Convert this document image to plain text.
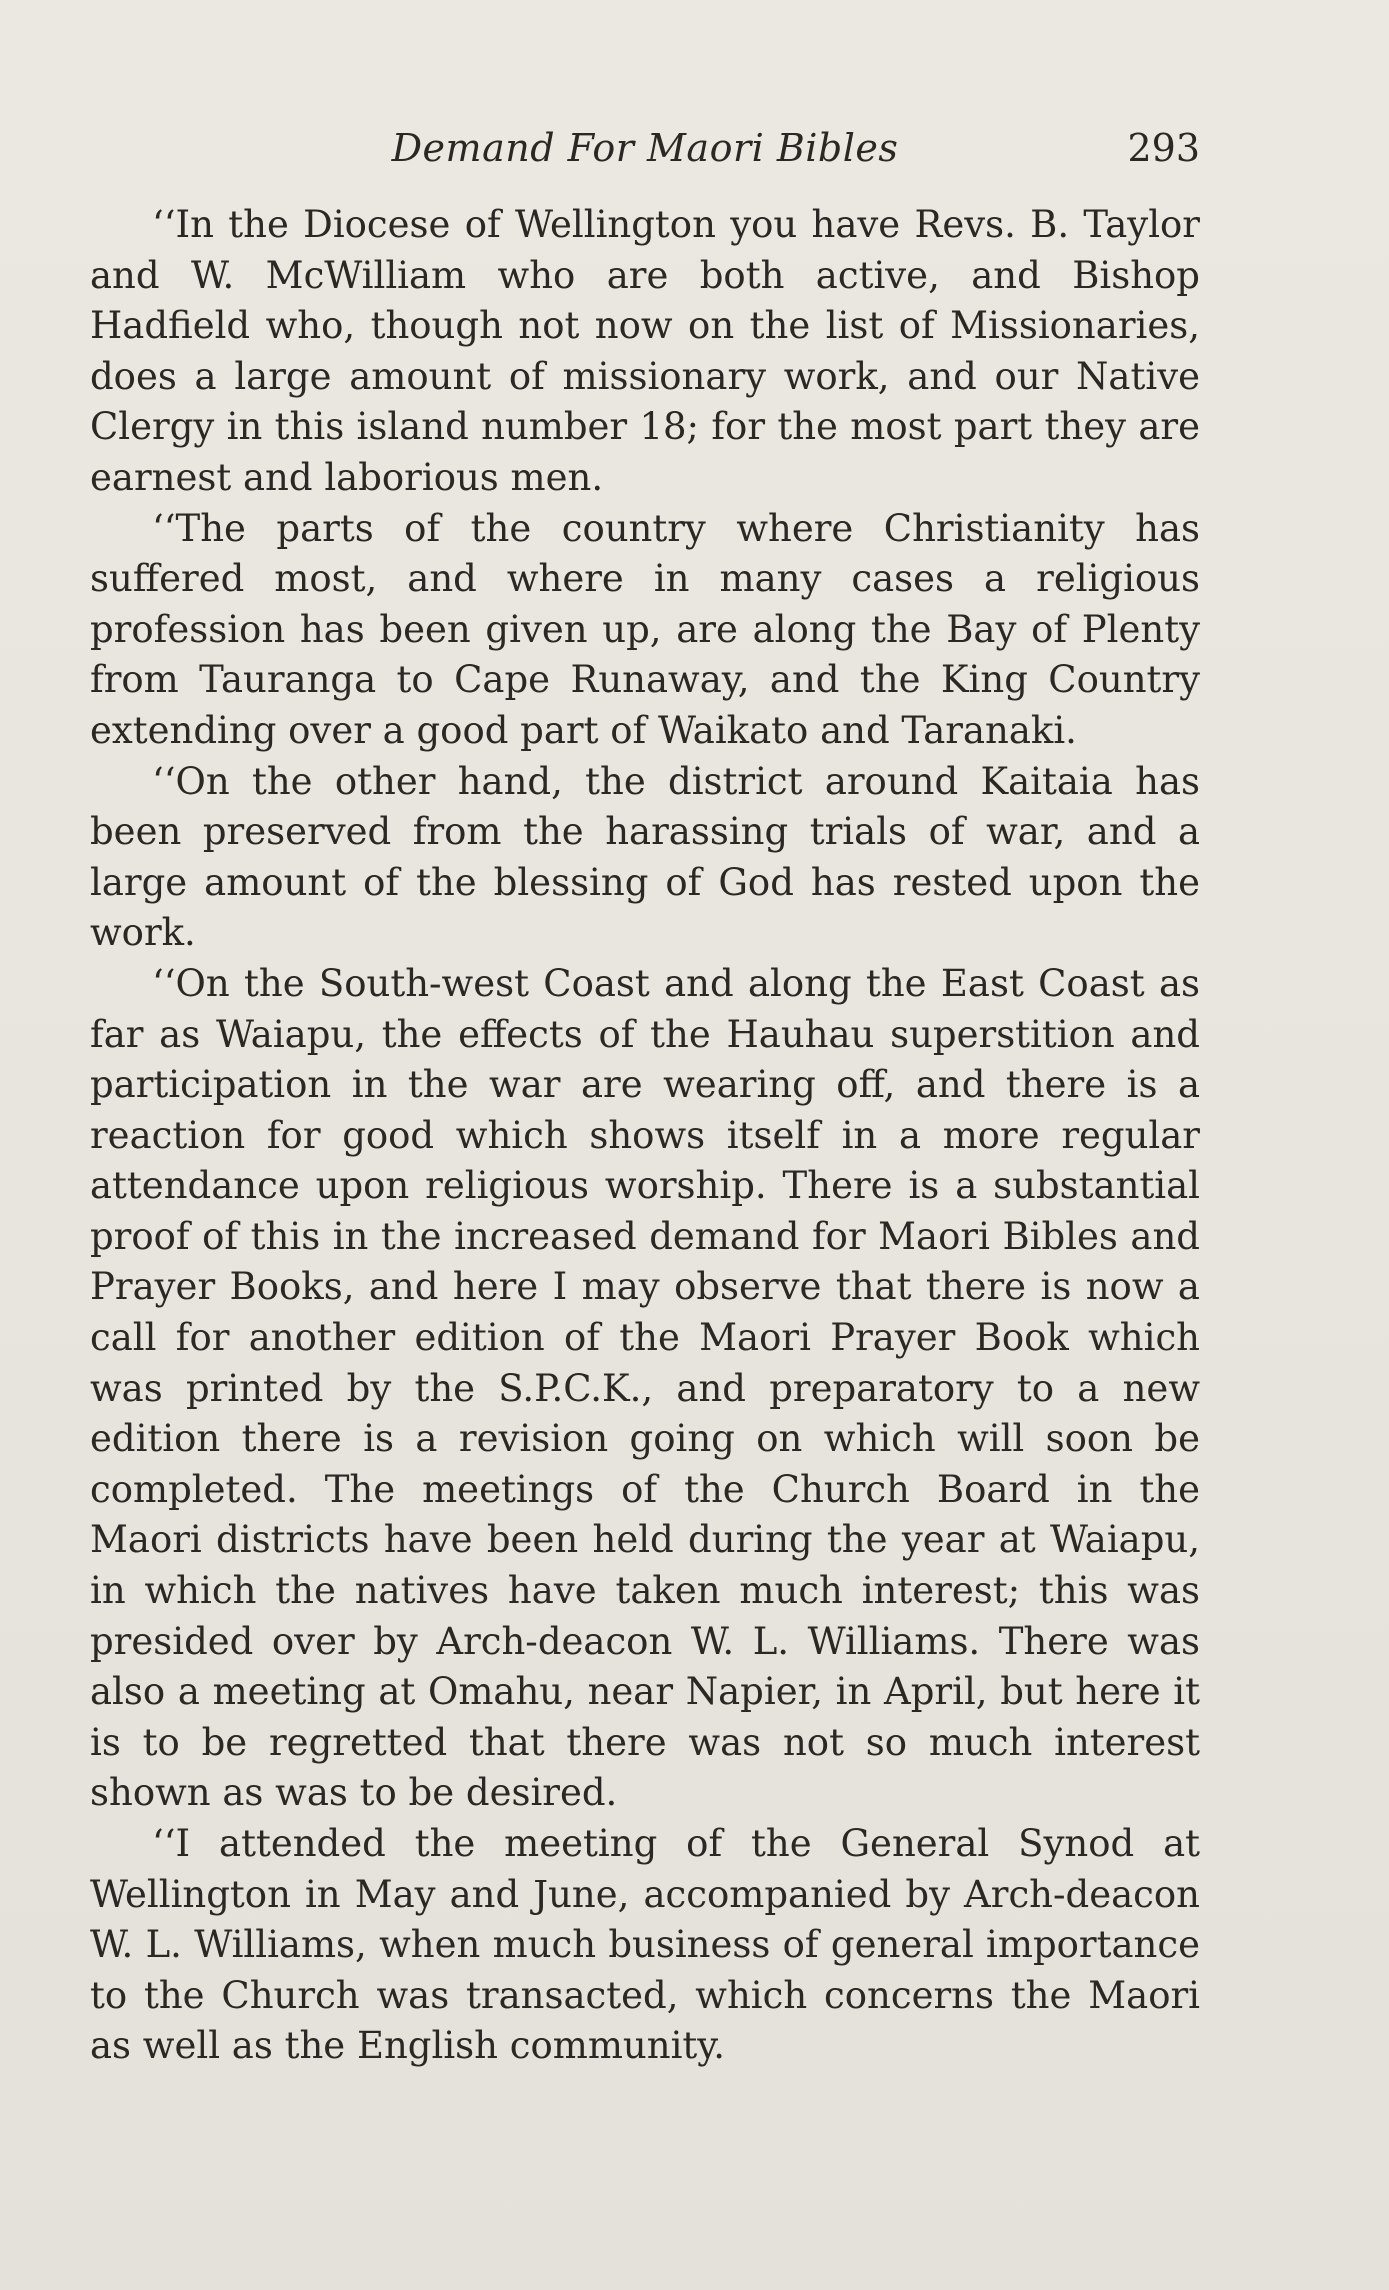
Demand For Maori Bibles	293

‘‘In the Diocese of Wellington you have Revs. B. Taylor and W. McWilliam who are both active, and Bishop Hadfield who, though not now on the list of Missionaries, does a large amount of missionary work, and our Native Clergy in this island number 18; for the most part they are earnest and laborious men.

‘‘The parts of the country where Christianity has suffered most, and where in many cases a religious profession has been given up, are along the Bay of Plenty from Tauranga to Cape Runaway, and the King Country extending over a good part of Waikato and Taranaki.

‘‘On the other hand, the district around Kaitaia has been preserved from the harassing trials of war, and a large amount of the blessing of God has rested upon the work.

‘‘On the South-west Coast and along the East Coast as far as Waiapu, the effects of the Hauhau superstition and participation in the war are wearing off, and there is a reaction for good which shows itself in a more regular attendance upon religious worship. There is a substantial proof of this in the increased demand for Maori Bibles and Prayer Books, and here I may observe that there is now a call for another edition of the Maori Prayer Book which was printed by the S.P.C.K., and preparatory to a new edition there is a revision going on which will soon be completed. The meetings of the Church Board in the Maori districts have been held during the year at Waiapu, in which the natives have taken much interest; this was presided over by Arch-deacon W. L. Williams. There was also a meeting at Omahu, near Napier, in April, but here it is to be regretted that there was not so much interest shown as was to be desired.

‘‘I attended the meeting of the General Synod at Wellington in May and June, accompanied by Arch-deacon W. L. Williams, when much business of general importance to the Church was transacted, which concerns the Maori as well as the English community.
